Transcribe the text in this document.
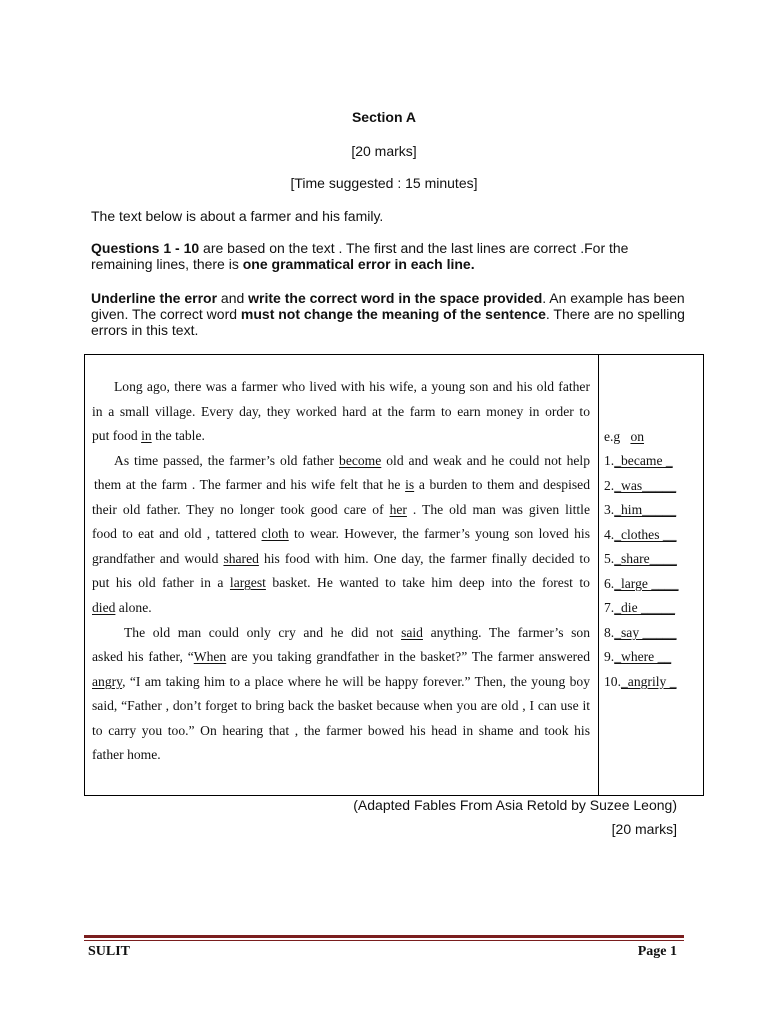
Section A
[20 marks]
[Time suggested : 15 minutes]
The text below is about a farmer and his family.
Questions 1 - 10 are based on the text . The first and the last lines are correct .For the remaining lines, there is one grammatical error in each line.
Underline the error and write the correct word in the space provided. An example has been given. The correct word must not change the meaning of the sentence. There are no spelling errors in this text.
Long ago, there was a farmer who lived with his wife, a young son and his old father
in a small village. Every day, they worked hard at the farm to earn money in order to
put food in the table.
As time passed, the farmer’s old father become old and weak and he could not help
them at the farm . The farmer and his wife felt that he is a burden to them and despised
their old father. They no longer took good care of her . The old man was given little
food to eat and old , tattered cloth to wear. However, the farmer’s young son loved his
grandfather and would shared his food with him. One day, the farmer finally decided to
put his old father in a largest basket. He wanted to take him deep into the forest to
died alone.
The old man could only cry and he did not said anything. The farmer’s son
asked his father, “When are you taking grandfather in the basket?” The farmer answered
angry, “I am taking him to a place where he will be happy forever.” Then, the young boy
said, “Father , don’t forget to bring back the basket because when you are old , I can use it
to carry you too.” On hearing that , the farmer bowed his head in shame and took his
father home.
e.g on
1._became _
2._was_____
3._him_____
4._clothes __
5._share____
6._large ____
7._die _____
8._say _____
9._where __
10._angrily _
(Adapted Fables From Asia Retold by Suzee Leong)
[20 marks]
SULIT	Page 1
